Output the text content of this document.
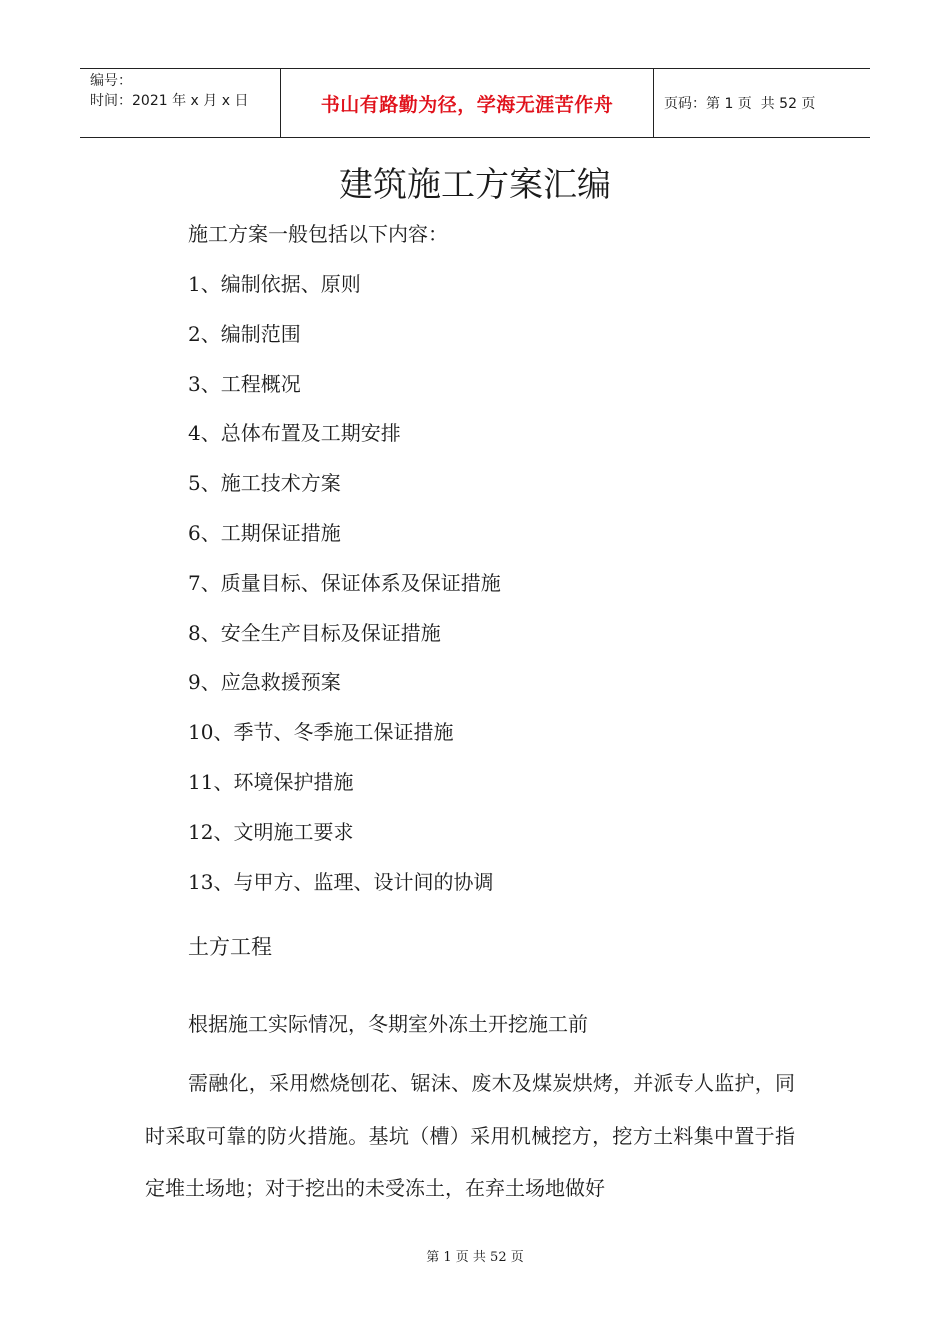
编号：
时间：2021 年 x 月 x 日	书山有路勤为径，学海无涯苦作舟	页码：第 1 页  共 52 页
建筑施工方案汇编
施工方案一般包括以下内容：
1、编制依据、原则
2、编制范围
3、工程概况
4、总体布置及工期安排
5、施工技术方案
6、工期保证措施
7、质量目标、保证体系及保证措施
8、安全生产目标及保证措施
9、应急救援预案
10、季节、冬季施工保证措施
11、环境保护措施
12、文明施工要求
13、与甲方、监理、设计间的协调
土方工程
根据施工实际情况，冬期室外冻土开挖施工前
需融化，采用燃烧刨花、锯沫、废木及煤炭烘烤，并派专人监护，同时采取可靠的防火措施。基坑（槽）采用机械挖方，挖方土料集中置于指定堆土场地；对于挖出的未受冻土，在弃土场地做好
第 1 页 共 52 页
